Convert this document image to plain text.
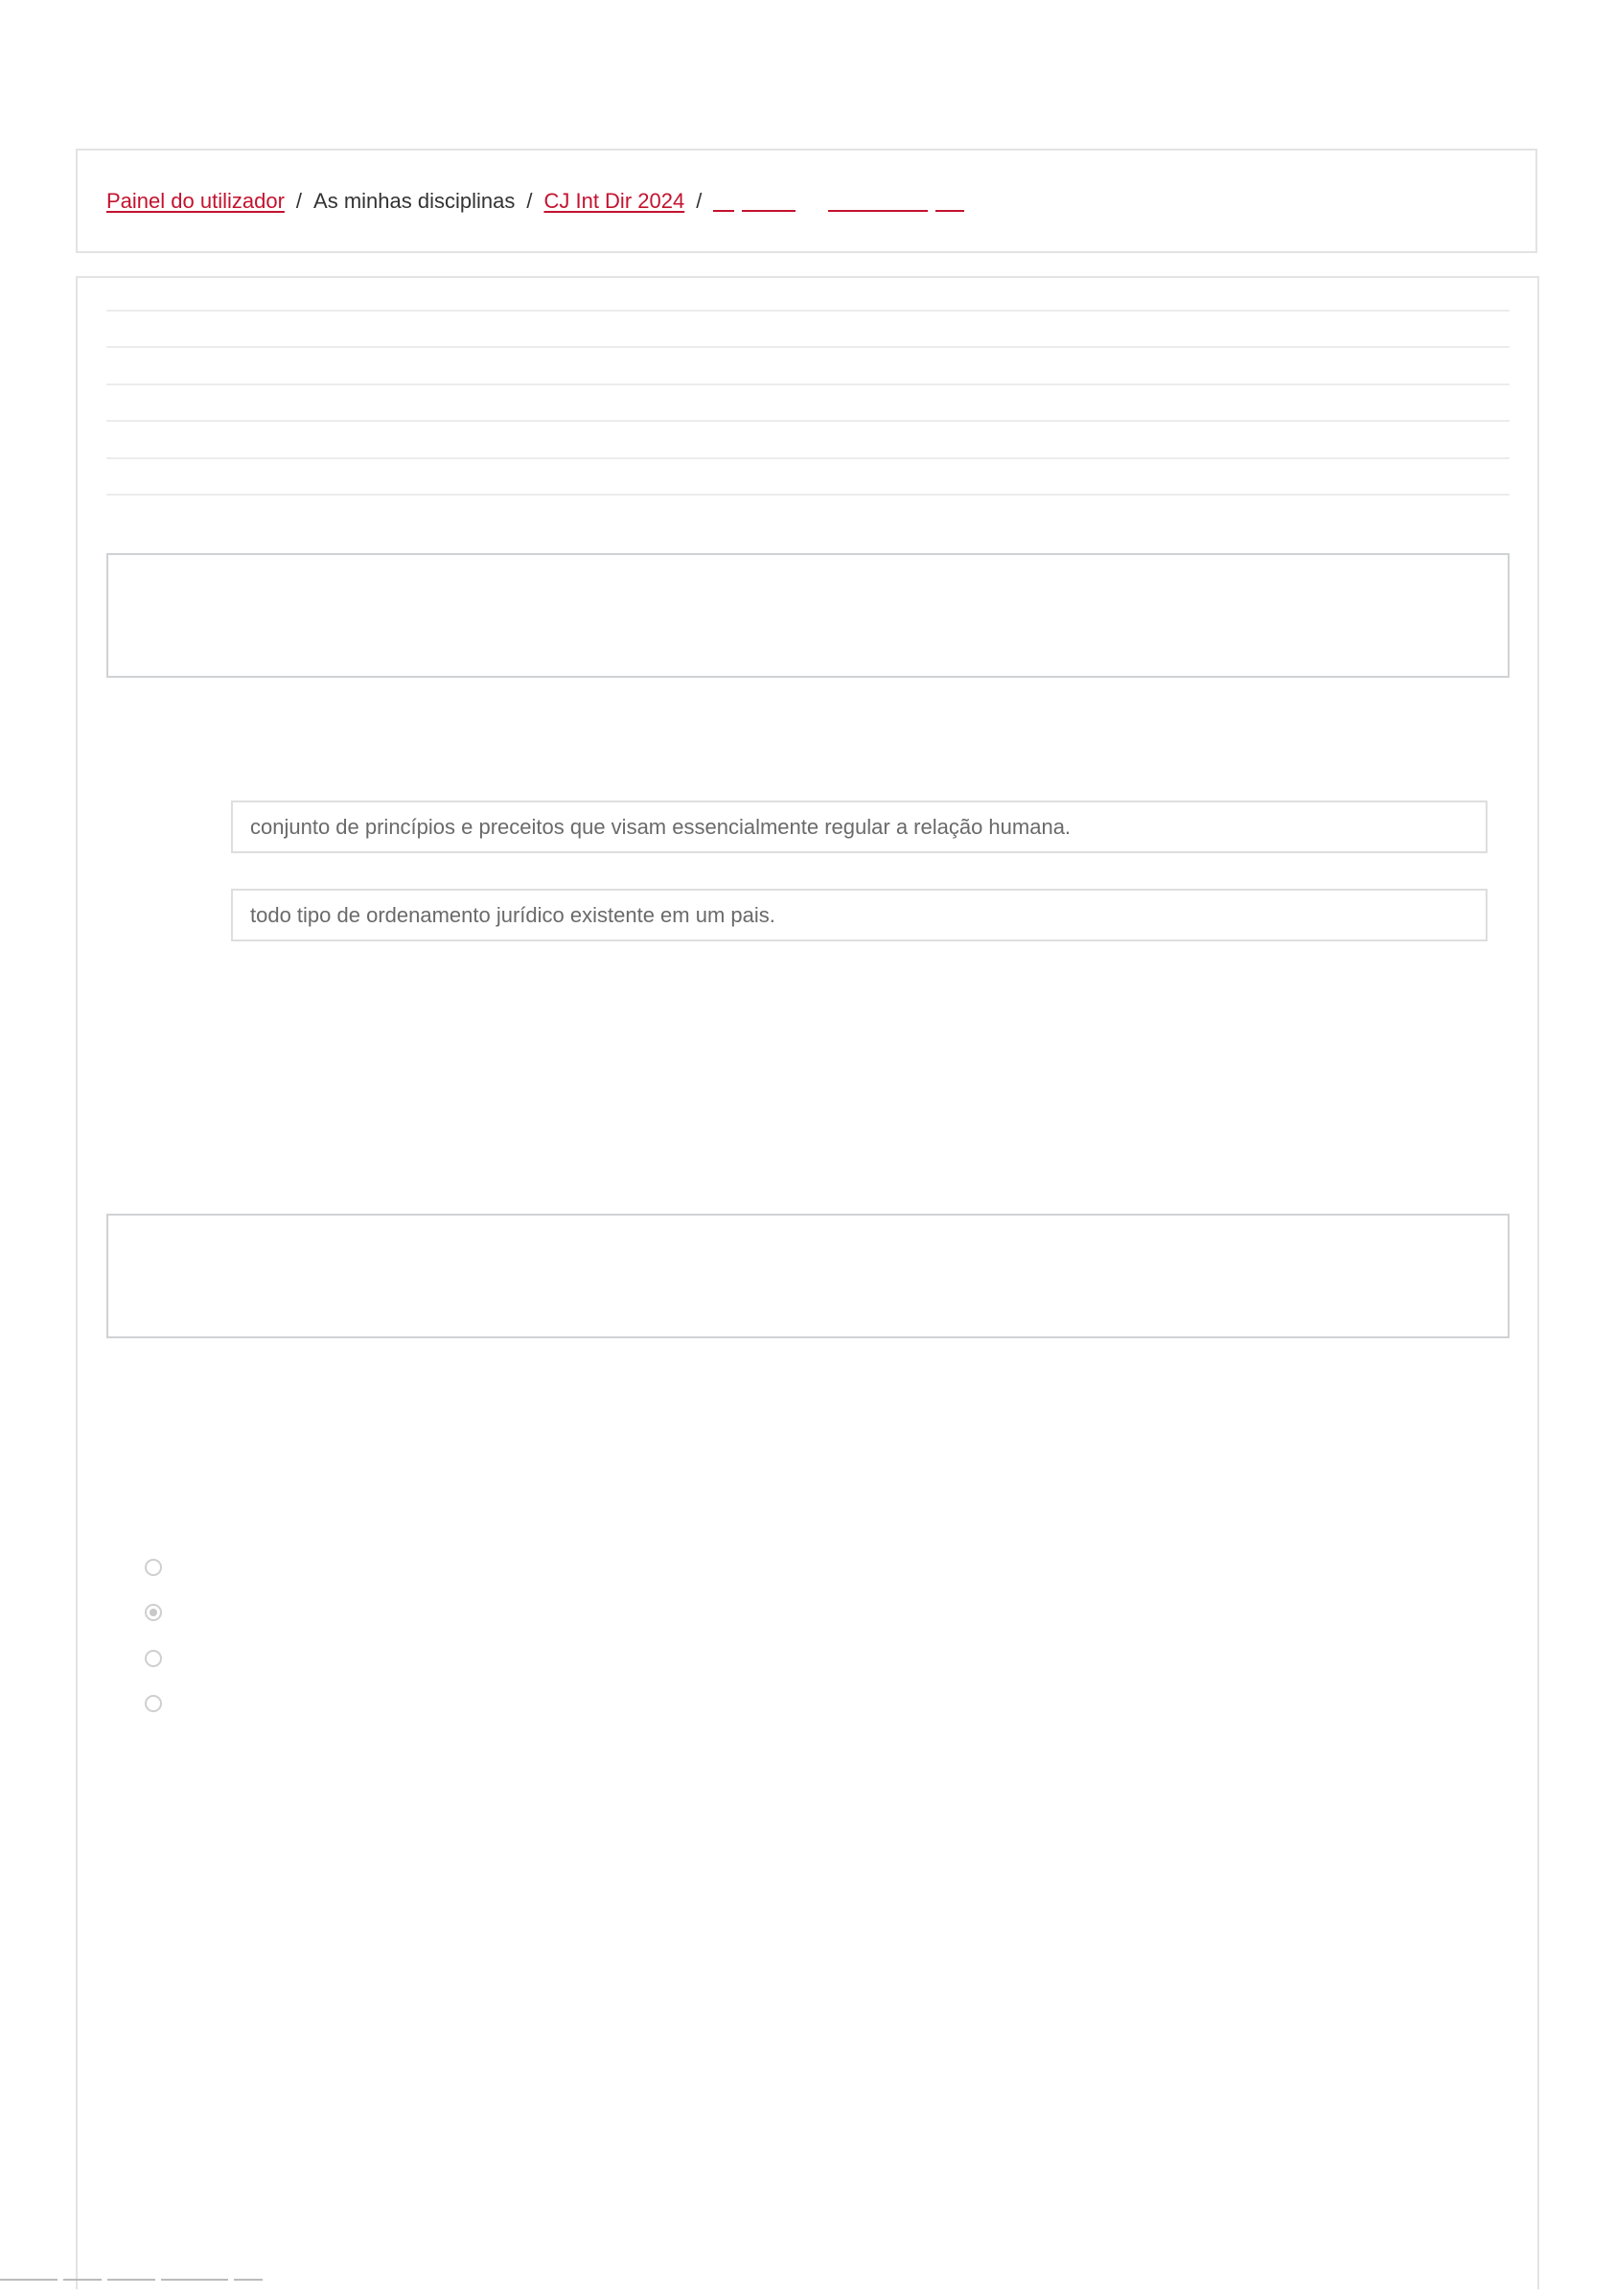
Painel do utilizador / As minhas disciplinas / CJ Int Dir 2024 /
conjunto de princípios e preceitos que visam essencialmente regular a relação humana.
todo tipo de ordenamento jurídico existente em um pais.
